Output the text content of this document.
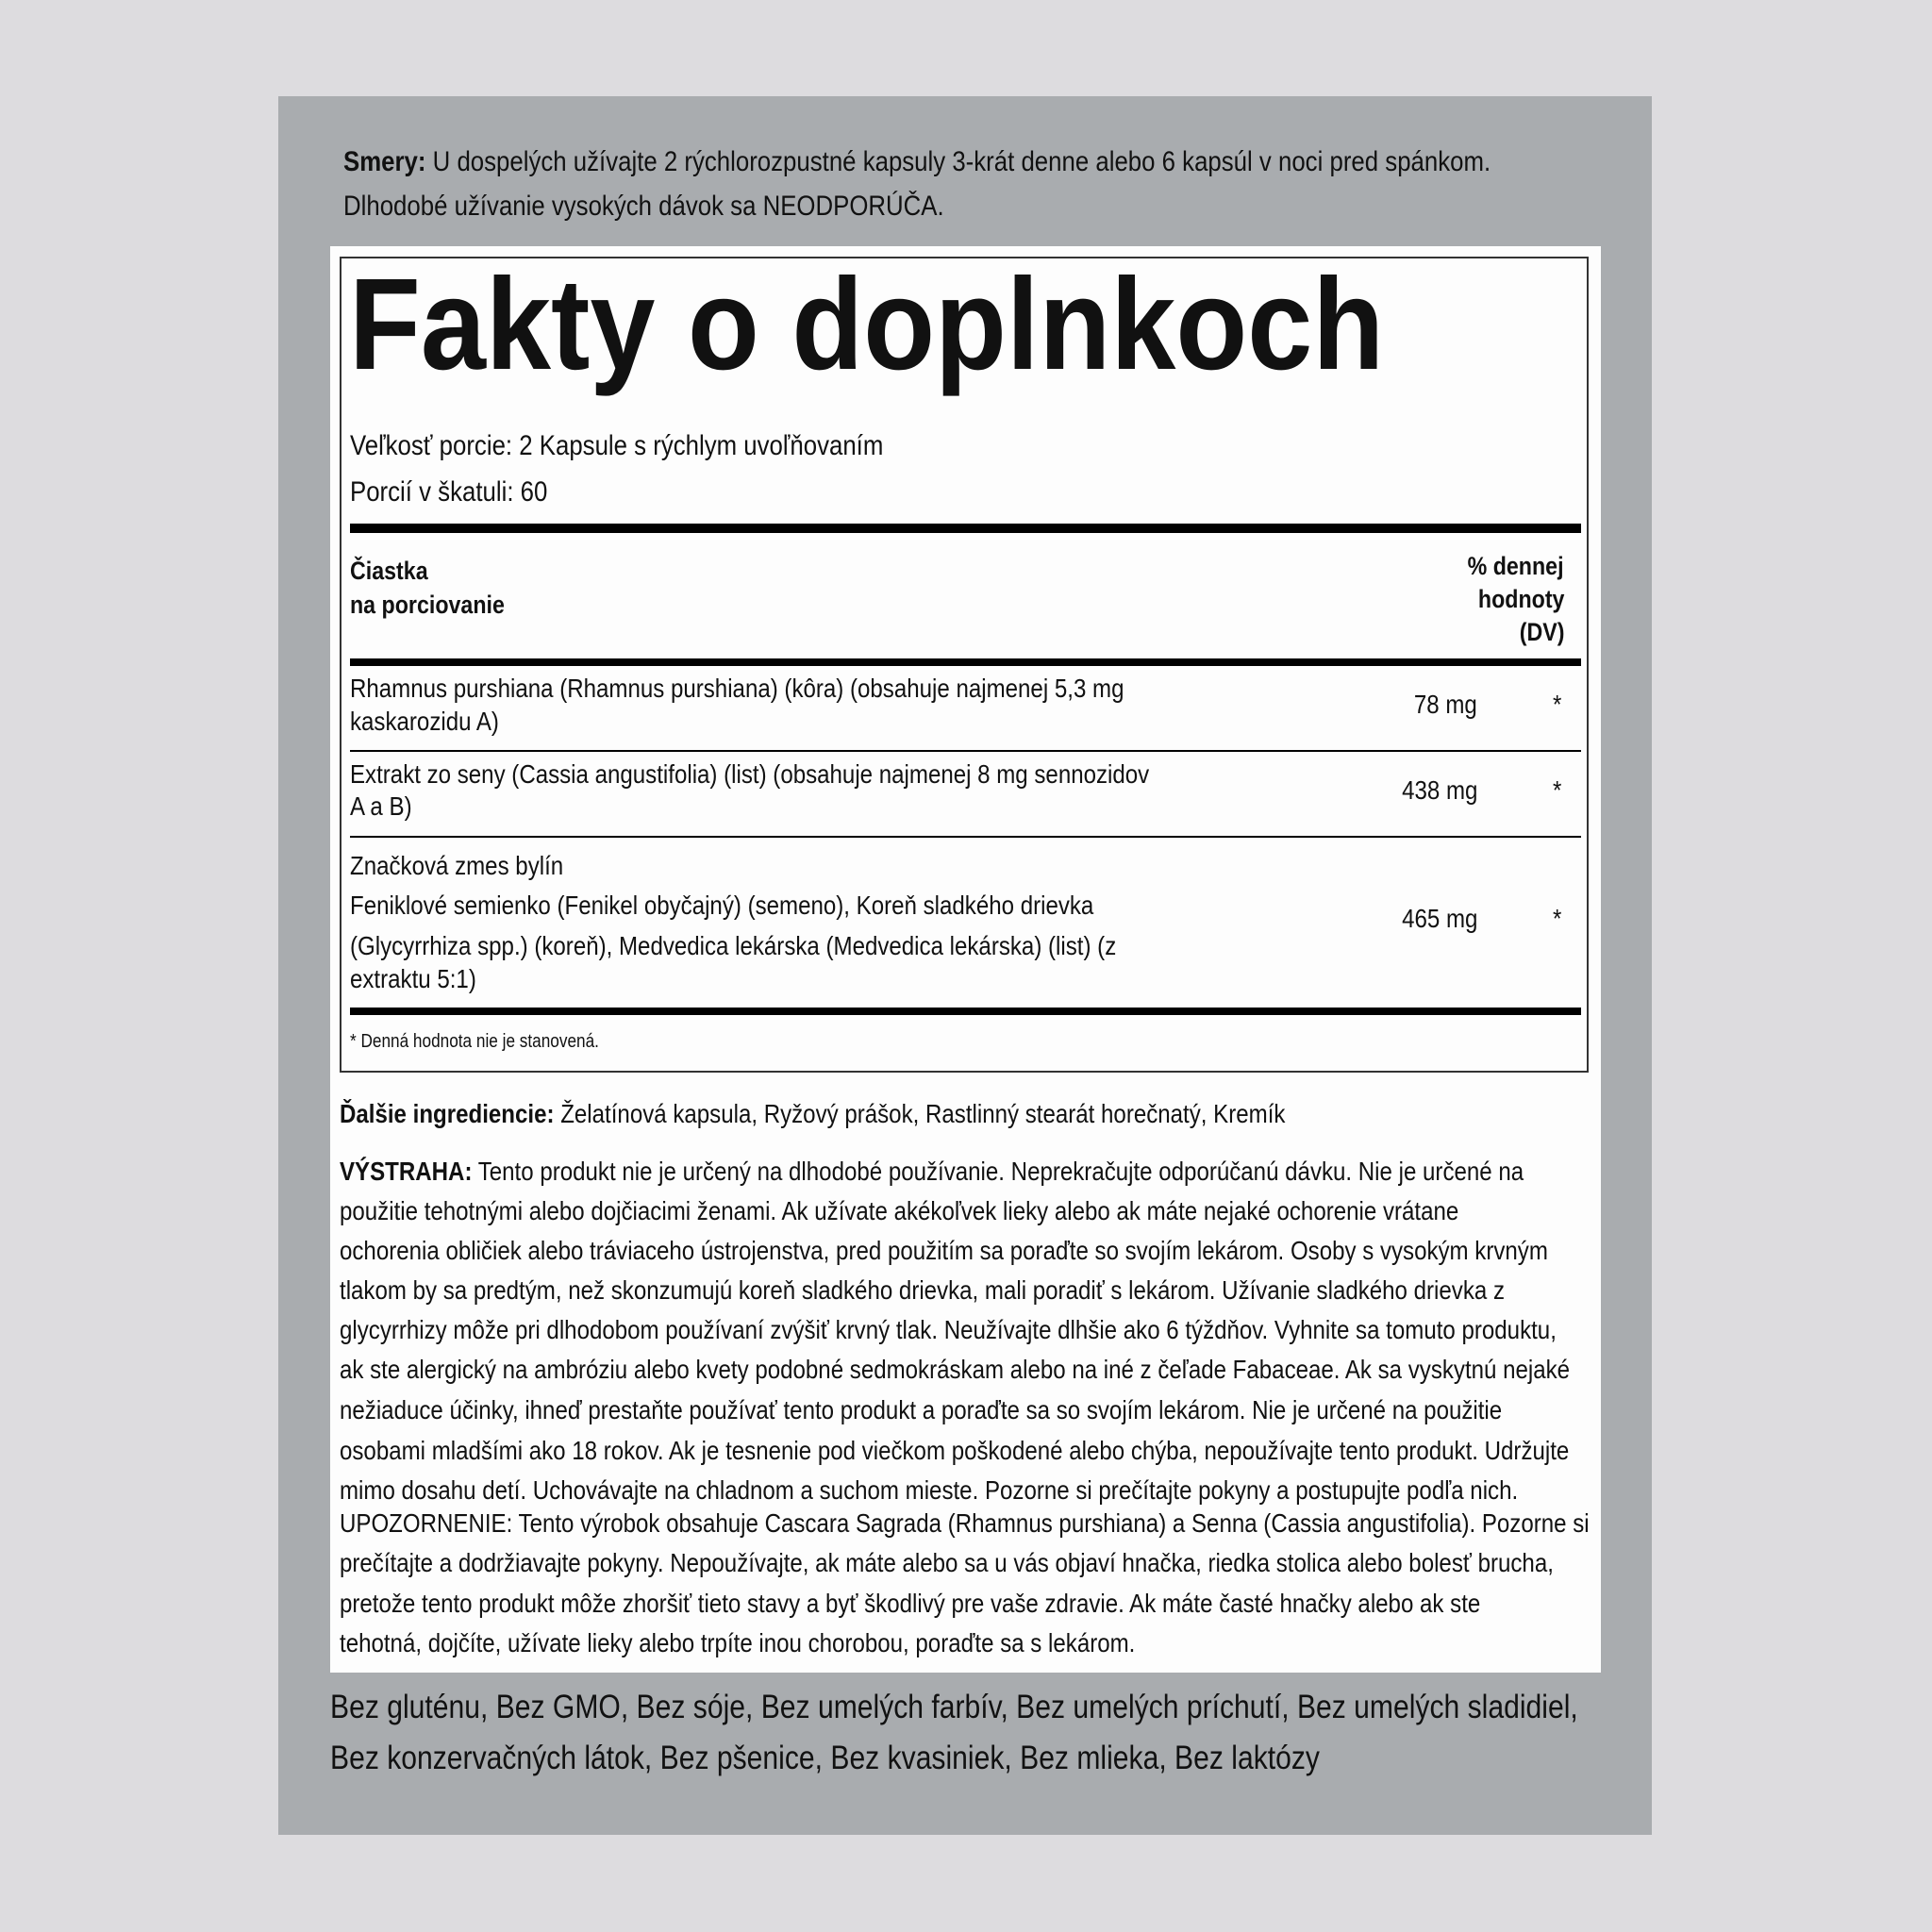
Smery: U dospelých užívajte 2 rýchlorozpustné kapsuly 3-krát denne alebo 6 kapsúl v noci pred spánkom.
Dlhodobé užívanie vysokých dávok sa NEODPORÚČA.
Fakty o doplnkoch
Veľkosť porcie: 2 Kapsule s rýchlym uvoľňovaním
Porcií v škatuli: 60
Čiastka
na porciovanie
% dennej
hodnoty
(DV)
Rhamnus purshiana (Rhamnus purshiana) (kôra) (obsahuje najmenej 5,3 mg
kaskarozidu A)
78 mg	*
Extrakt zo seny (Cassia angustifolia) (list) (obsahuje najmenej 8 mg sennozidov
A a B)
438 mg	*
Značková zmes bylín
Feniklové semienko (Fenikel obyčajný) (semeno), Koreň sladkého drievka
(Glycyrrhiza spp.) (koreň), Medvedica lekárska (Medvedica lekárska) (list) (z
extraktu 5:1)
465 mg	*
* Denná hodnota nie je stanovená.
Ďalšie ingrediencie: Želatínová kapsula, Ryžový prášok, Rastlinný stearát horečnatý, Kremík
VÝSTRAHA: Tento produkt nie je určený na dlhodobé používanie. Neprekračujte odporúčanú dávku. Nie je určené na
použitie tehotnými alebo dojčiacimi ženami. Ak užívate akékoľvek lieky alebo ak máte nejaké ochorenie vrátane
ochorenia obličiek alebo tráviaceho ústrojenstva, pred použitím sa poraďte so svojím lekárom. Osoby s vysokým krvným
tlakom by sa predtým, než skonzumujú koreň sladkého drievka, mali poradiť s lekárom. Užívanie sladkého drievka z
glycyrrhizy môže pri dlhodobom používaní zvýšiť krvný tlak. Neužívajte dlhšie ako 6 týždňov. Vyhnite sa tomuto produktu,
ak ste alergický na ambróziu alebo kvety podobné sedmokráskam alebo na iné z čeľade Fabaceae. Ak sa vyskytnú nejaké
nežiaduce účinky, ihneď prestaňte používať tento produkt a poraďte sa so svojím lekárom. Nie je určené na použitie
osobami mladšími ako 18 rokov. Ak je tesnenie pod viečkom poškodené alebo chýba, nepoužívajte tento produkt. Udržujte
mimo dosahu detí. Uchovávajte na chladnom a suchom mieste. Pozorne si prečítajte pokyny a postupujte podľa nich.
UPOZORNENIE: Tento výrobok obsahuje Cascara Sagrada (Rhamnus purshiana) a Senna (Cassia angustifolia). Pozorne si
prečítajte a dodržiavajte pokyny. Nepoužívajte, ak máte alebo sa u vás objaví hnačka, riedka stolica alebo bolesť brucha,
pretože tento produkt môže zhoršiť tieto stavy a byť škodlivý pre vaše zdravie. Ak máte časté hnačky alebo ak ste
tehotná, dojčíte, užívate lieky alebo trpíte inou chorobou, poraďte sa s lekárom.
Bez gluténu, Bez GMO, Bez sóje, Bez umelých farbív, Bez umelých príchutí, Bez umelých sladidiel,
Bez konzervačných látok, Bez pšenice, Bez kvasiniek, Bez mlieka, Bez laktózy
